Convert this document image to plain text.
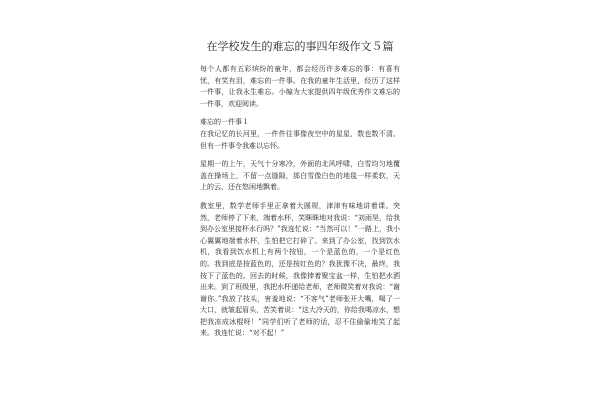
在学校发生的难忘的事四年级作文５篇

每个人都有五彩缤纷的童年，都会经历许多难忘的事：有喜有忧，有笑有泪，难忘的一件事。在我的童年生活里，经历了这样一件事，让我永生难忘。小编为大家提供四年级优秀作文难忘的一件事，欢迎阅读。

难忘的一件事１

在我记忆的长河里，一件件往事像夜空中的星星，数也数不清。但有一件事令我难以忘怀。

星期一的上午，天气十分寒冷，外面的北风呼啸，白雪均匀地覆盖在操场上，不留一点缝隙，那白雪像白色的地毯一样柔软，天上的云，还在悠闲地飘着。

教室里，数学老师手里正拿着大圆规，津津有味地讲着课。突然，老师停了下来，端着水杯，笑眯眯地对我说：“刘雨昊，给我到办公室里接杯水行吗？”我连忙说：“当然可以！”一路上，我小心翼翼地端着水杯，生怕把它打碎了。来到了办公室，找到饮水机，我看到饮水机上有两个按钮，一个是蓝色的，一个是红色的。我到底是按蓝色的，还是按红色的？我犹豫不决，最终，我按下了蓝色的。回去的时候，我像捧着聚宝盆一样，生怕把水洒出来。到了班级里，我把水杯递给老师，老师微笑着对我说：“谢谢你。”我放了技头，害羞地说：“不客气”老师张开大嘴，喝了一大口，就皱起眉头，苦笑着说：“这大冷天的，你给我喝凉水，想把我冻成冰棍呀！”同学们听了老师的话，忍不住偷偷地笑了起来。我连忙说：“对不起！”
